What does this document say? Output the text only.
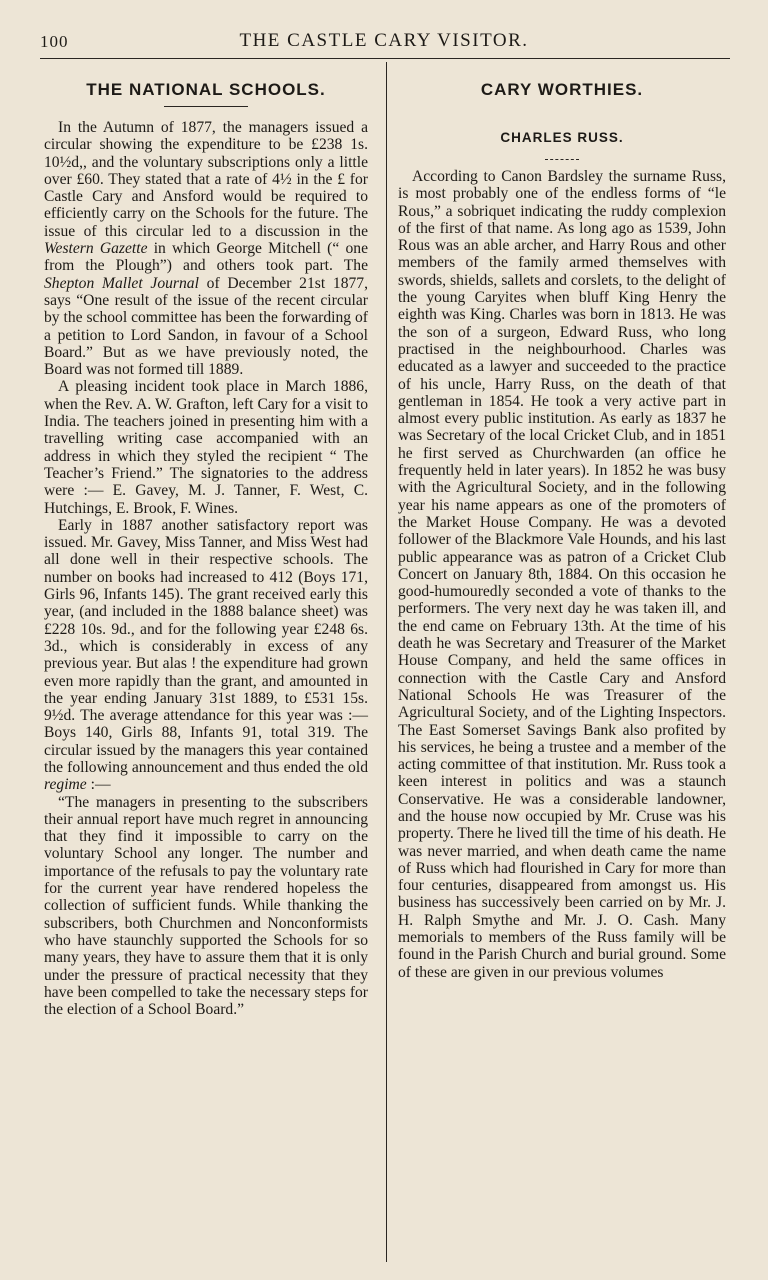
100	THE CASTLE CARY VISITOR.
THE NATIONAL SCHOOLS.

In the Autumn of 1877, the managers issued a circular showing the expenditure to be £238 1s. 10½d,, and the voluntary subscriptions only a little over £60. They stated that a rate of 4½ in the £ for Castle Cary and Ansford would be required to efficiently carry on the Schools for the future. The issue of this circular led to a discussion in the Western Gazette in which George Mitchell (“ one from the Plough”) and others took part. The Shepton Mallet Journal of December 21st 1877, says “One result of the issue of the recent circular by the school committee has been the forwarding of a petition to Lord Sandon, in favour of a School Board.” But as we have previously noted, the Board was not formed till 1889.

A pleasing incident took place in March 1886, when the Rev. A. W. Grafton, left Cary for a visit to India. The teachers joined in presenting him with a travelling writing case accompanied with an address in which they styled the recipient “ The Teacher’s Friend.” The signatories to the address were :— E. Gavey, M. J. Tanner, F. West, C. Hutchings, E. Brook, F. Wines.

Early in 1887 another satisfactory report was issued. Mr. Gavey, Miss Tanner, and Miss West had all done well in their respective schools. The number on books had increased to 412 (Boys 171, Girls 96, Infants 145). The grant received early this year, (and included in the 1888 balance sheet) was £228 10s. 9d., and for the following year £248 6s. 3d., which is considerably in excess of any previous year. But alas ! the expenditure had grown even more rapidly than the grant, and amounted in the year ending January 31st 1889, to £531 15s. 9½d. The average attendance for this year was :—Boys 140, Girls 88, Infants 91, total 319. The circular issued by the managers this year contained the following announcement and thus ended the old regime :—

“The managers in presenting to the subscribers their annual report have much regret in announcing that they find it impossible to carry on the voluntary School any longer. The number and importance of the refusals to pay the voluntary rate for the current year have rendered hopeless the collection of sufficient funds. While thanking the subscribers, both Churchmen and Nonconformists who have staunchly supported the Schools for so many years, they have to assure them that it is only under the pressure of practical necessity that they have been compelled to take the necessary steps for the election of a School Board.”

CARY WORTHIES.
CHARLES RUSS.

According to Canon Bardsley the surname Russ, is most probably one of the endless forms of “le Rous,” a sobriquet indicating the ruddy complexion of the first of that name. As long ago as 1539, John Rous was an able archer, and Harry Rous and other members of the family armed themselves with swords, shields, sallets and corslets, to the delight of the young Caryites when bluff King Henry the eighth was King. Charles was born in 1813. He was the son of a surgeon, Edward Russ, who long practised in the neighbourhood. Charles was educated as a lawyer and succeeded to the practice of his uncle, Harry Russ, on the death of that gentleman in 1854. He took a very active part in almost every public institution. As early as 1837 he was Secretary of the local Cricket Club, and in 1851 he first served as Churchwarden (an office he frequently held in later years). In 1852 he was busy with the Agricultural Society, and in the following year his name appears as one of the promoters of the Market House Company. He was a devoted follower of the Blackmore Vale Hounds, and his last public appearance was as patron of a Cricket Club Concert on January 8th, 1884. On this occasion he good-humouredly seconded a vote of thanks to the performers. The very next day he was taken ill, and the end came on February 13th. At the time of his death he was Secretary and Treasurer of the Market House Company, and held the same offices in connection with the Castle Cary and Ansford National Schools He was Treasurer of the Agricultural Society, and of the Lighting Inspectors. The East Somerset Savings Bank also profited by his services, he being a trustee and a member of the acting committee of that institution. Mr. Russ took a keen interest in politics and was a staunch Conservative. He was a considerable landowner, and the house now occupied by Mr. Cruse was his property. There he lived till the time of his death. He was never married, and when death came the name of Russ which had flourished in Cary for more than four centuries, disappeared from amongst us. His business has successively been carried on by Mr. J. H. Ralph Smythe and Mr. J. O. Cash. Many memorials to members of the Russ family will be found in the Parish Church and burial ground. Some of these are given in our previous volumes
